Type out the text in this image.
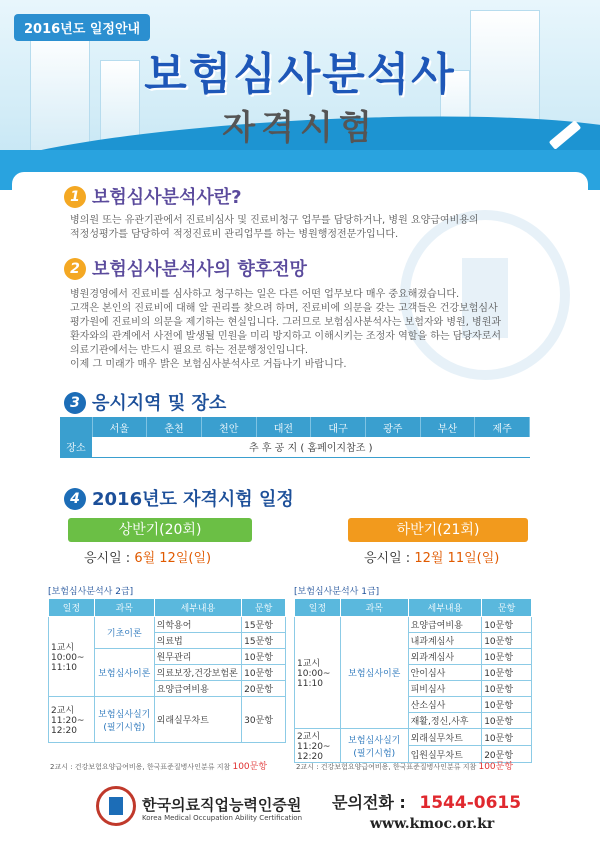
2016년도 일정안내
보험심사분석사
자격시험
1 보험심사분석사란?
병의원 또는 유관기관에서 진료비심사 및 진료비청구 업무를 담당하거나, 병원 요양급여비용의
적정성평가를 담당하여 적정진료비 관리업무를 하는 병원행정전문가입니다.
2 보험심사분석사의 향후전망
병원경영에서 진료비를 심사하고 청구하는 일은 다른 어떤 업무보다 매우 중요해졌습니다.
고객은 본인의 진료비에 대해 알 권리를 찾으려 하며, 진료비에 의문을 갖는 고객들은 건강보험심사
평가원에 진료비의 의문을 제기하는 현실입니다. 그러므로 보험심사분석사는 보험자와 병원, 병원과
환자와의 관계에서 사전에 발생될 민원을 미리 방지하고 이해시키는 조정자 역할을 하는 담당자로서
의료기관에서는 반드시 필요로 하는 전문행정인입니다.
이제 그 미래가 매우 밝은 보험심사분석사로 거듭나기 바랍니다.
3 응시지역 및 장소
	서울	춘천	천안	대전	대구	광주	부산	제주
장소	추 후 공 지 ( 홈페이지참조 )							
4 2016년도 자격시험 일정
상반기(20회)	하반기(21회)
응시일 : 6월 12일(일)	응시일 : 12월 11일(일)
[보험심사분석사 2급]
일정	과목	세부내용	문항
1교시
10:00~
11:10	기초이론	의학용어	15문항
		의료법	15문항
	보험심사이론	원무관리	10문항
		의료보장,건강보험론	10문항
		요양급여비용	20문항
2교시
11:20~
12:20	보험심사실기
(필기시험)	외래실무차트	30문항
2교시 : 건강보험요양급여비용, 한국표준질병사인분류 지참 100문항
[보험심사분석사 1급]
일정	과목	세부내용	문항
1교시
10:00~
11:10	보험심사이론	요양급여비용	10문항
		내과계심사	10문항
		외과계심사	10문항
		안이심사	10문항
		피비심사	10문항
		산소심사	10문항
		재활,정신,사후	10문항
2교시
11:20~
12:20	보험심사실기
(필기시험)	외래실무차트	10문항
		입원실무차트	20문항
2교시 : 건강보험요양급여비용, 한국표준질병사인분류 지참 100문항
한국의료직업능력인증원
Korea Medical Occupation Ability Certification
문의전화 : 1544-0615
www.kmoc.or.kr
